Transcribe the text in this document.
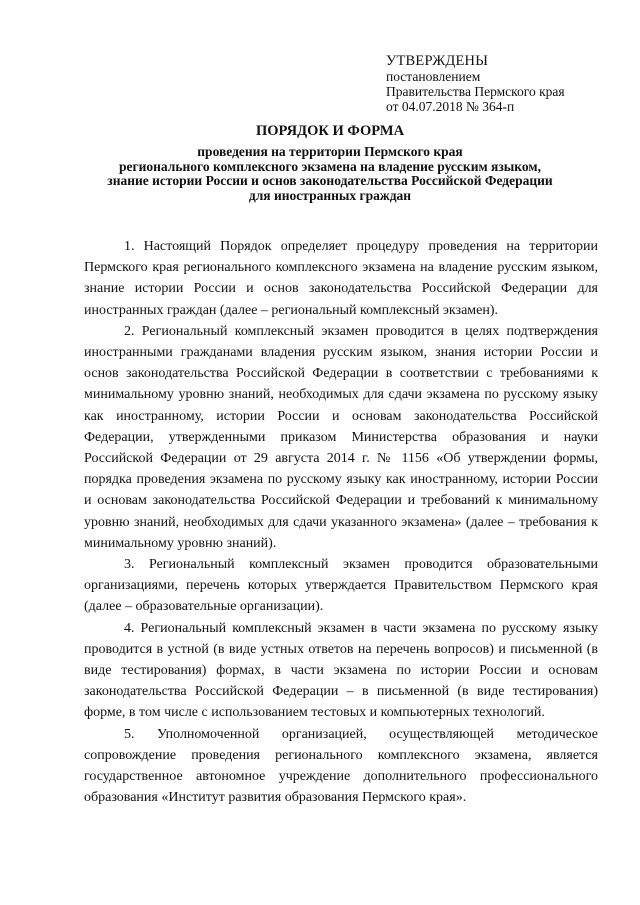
УТВЕРЖДЕНЫ
постановлением
Правительства Пермского края
от 04.07.2018 № 364-п
ПОРЯДОК И ФОРМА
проведения на территории Пермского края
регионального комплексного экзамена на владение русским языком,
знание истории России и основ законодательства Российской Федерации
для иностранных граждан

1. Настоящий Порядок определяет процедуру проведения на территории Пермского края регионального комплексного экзамена на владение русским языком, знание истории России и основ законодательства Российской Федерации для иностранных граждан (далее – региональный комплексный экзамен).

2. Региональный комплексный экзамен проводится в целях подтверждения иностранными гражданами владения русским языком, знания истории России и основ законодательства Российской Федерации в соответствии с требованиями к минимальному уровню знаний, необходимых для сдачи экзамена по русскому языку как иностранному, истории России и основам законодательства Российской Федерации, утвержденными приказом Министерства образования и науки Российской Федерации от 29 августа 2014 г. № 1156 «Об утверждении формы, порядка проведения экзамена по русскому языку как иностранному, истории России и основам законодательства Российской Федерации и требований к минимальному уровню знаний, необходимых для сдачи указанного экзамена» (далее – требования к минимальному уровню знаний).

3. Региональный комплексный экзамен проводится образовательными организациями, перечень которых утверждается Правительством Пермского края (далее – образовательные организации).

4. Региональный комплексный экзамен в части экзамена по русскому языку проводится в устной (в виде устных ответов на перечень вопросов) и письменной (в виде тестирования) формах, в части экзамена по истории России и основам законодательства Российской Федерации – в письменной (в виде тестирования) форме, в том числе с использованием тестовых и компьютерных технологий.

5. Уполномоченной организацией, осуществляющей методическое сопровождение проведения регионального комплексного экзамена, является государственное автономное учреждение дополнительного профессионального образования «Институт развития образования Пермского края».
